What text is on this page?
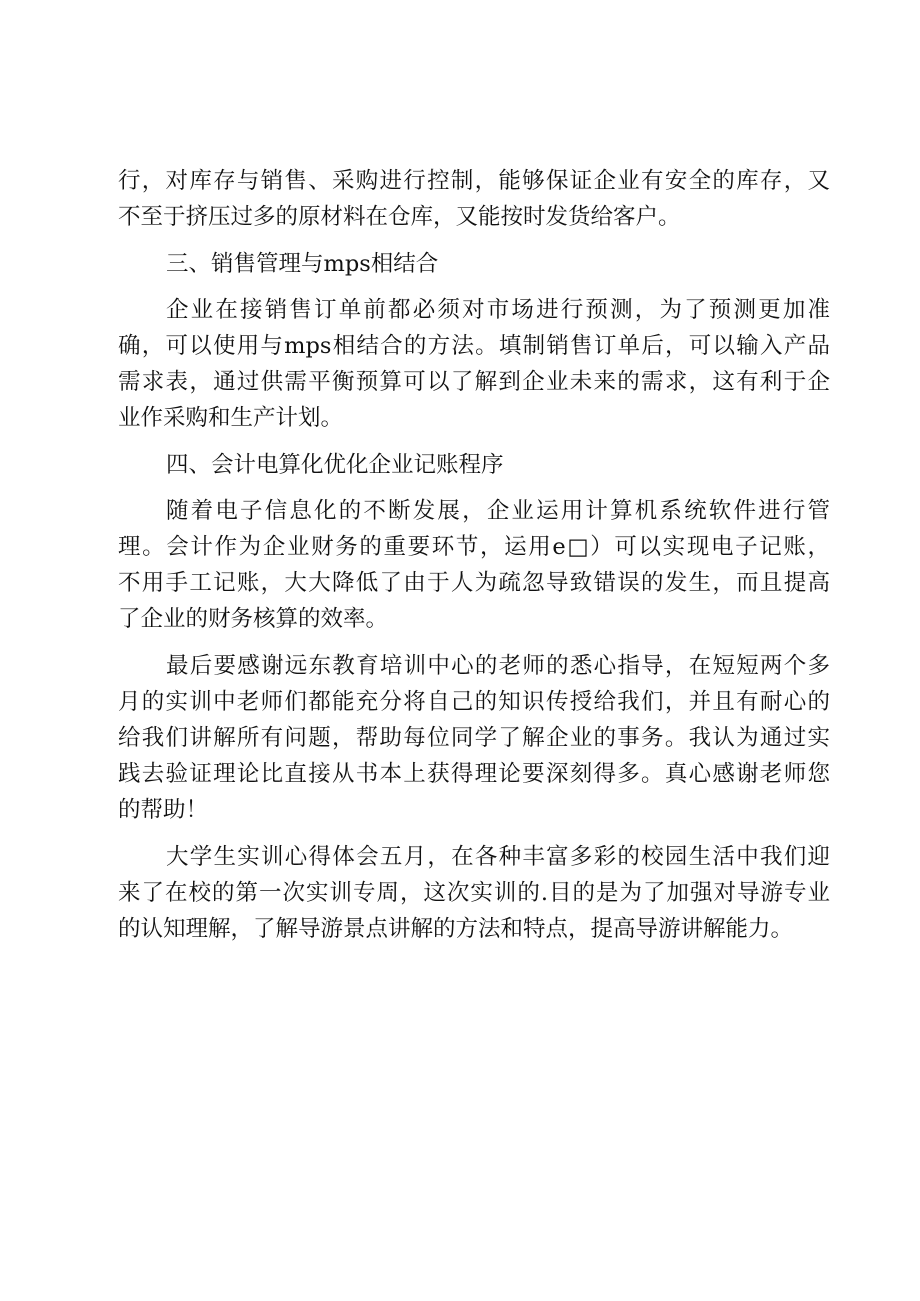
行，对库存与销售、采购进行控制，能够保证企业有安全的库存，又
不至于挤压过多的原材料在仓库，又能按时发货给客户。
三、销售管理与mps相结合
企业在接销售订单前都必须对市场进行预测，为了预测更加准
确，可以使用与mps相结合的方法。填制销售订单后，可以输入产品
需求表，通过供需平衡预算可以了解到企业未来的需求，这有利于企
业作采购和生产计划。
四、会计电算化优化企业记账程序
随着电子信息化的不断发展，企业运用计算机系统软件进行管
理。会计作为企业财务的重要环节，运用e□）可以实现电子记账，
不用手工记账，大大降低了由于人为疏忽导致错误的发生，而且提高
了企业的财务核算的效率。
最后要感谢远东教育培训中心的老师的悉心指导，在短短两个多
月的实训中老师们都能充分将自己的知识传授给我们，并且有耐心的
给我们讲解所有问题，帮助每位同学了解企业的事务。我认为通过实
践去验证理论比直接从书本上获得理论要深刻得多。真心感谢老师您
的帮助！
大学生实训心得体会五月，在各种丰富多彩的校园生活中我们迎
来了在校的第一次实训专周，这次实训的.目的是为了加强对导游专业
的认知理解，了解导游景点讲解的方法和特点，提高导游讲解能力。
